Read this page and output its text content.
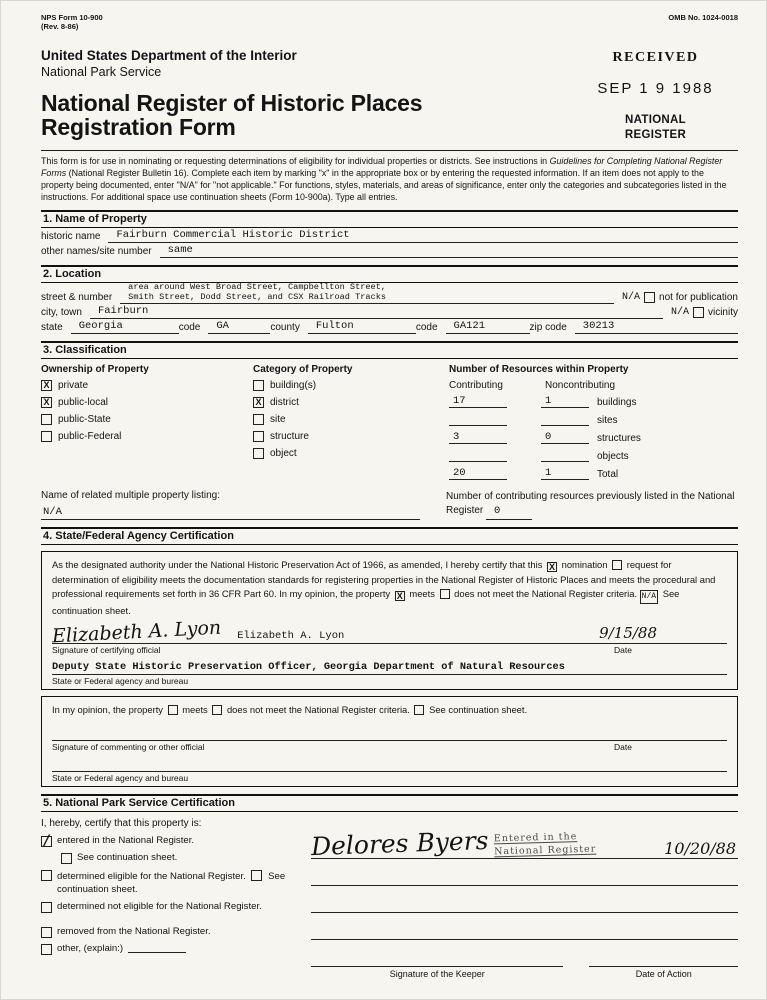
NPS Form 10-900
(Rev. 8-86)
OMB No. 1024-0018
United States Department of the Interior
National Park Service
National Register of Historic Places
Registration Form
RECEIVED
SEP 1 9 1988
NATIONAL
REGISTER

This form is for use in nominating or requesting determinations of eligibility for individual properties or districts. See instructions in Guidelines for Completing National Register Forms (National Register Bulletin 16). Complete each item by marking "x" in the appropriate box or by entering the requested information. If an item does not apply to the property being documented, enter "N/A" for "not applicable." For functions, styles, materials, and areas of significance, enter only the categories and subcategories listed in the instructions. For additional space use continuation sheets (Form 10-900a). Type all entries.

1. Name of Property
historic name	Fairburn Commercial Historic District
other names/site number	same
2. Location
street & number
area around West Broad Street, Campbellton Street,
Smith Street, Dodd Street, and CSX Railroad Tracks	N/A not for publication
city, town	Fairburn	N/A vicinity
state	Georgia	code	GA	county	Fulton	code	GA121	zip code	30213
3. Classification
Ownership of Property
X private
X public-local
public-State
public-Federal
Category of Property
building(s)
X district
site
structure
object
Number of Resources within Property
Contributing	Noncontributing
17	1	buildings
sites
3	0	structures
objects
20	1	Total
Name of related multiple property listing:
N/A
Number of contributing resources previously listed in the National Register 0
4. State/Federal Agency Certification

As the designated authority under the National Historic Preservation Act of 1966, as amended, I hereby certify that this X nomination request for determination of eligibility meets the documentation standards for registering properties in the National Register of Historic Places and meets the procedural and professional requirements set forth in 36 CFR Part 60. In my opinion, the property X meets does not meet the National Register criteria. N/A See continuation sheet.

Elizabeth A. Lyon Elizabeth A. Lyon	9/15/88
Signature of certifying official	Date
Deputy State Historic Preservation Officer, Georgia Department of Natural Resources
State or Federal agency and bureau

In my opinion, the property meets does not meet the National Register criteria. See continuation sheet.

Signature of commenting or other official	Date
State or Federal agency and bureau
5. National Park Service Certification
I, hereby, certify that this property is:
/ entered in the National Register.
See continuation sheet.
determined eligible for the National Register. See continuation sheet.
determined not eligible for the National Register.
removed from the National Register.
other, (explain:)
Delores Byers Entered in the
National Register	10/20/88
Signature of the Keeper	Date of Action
